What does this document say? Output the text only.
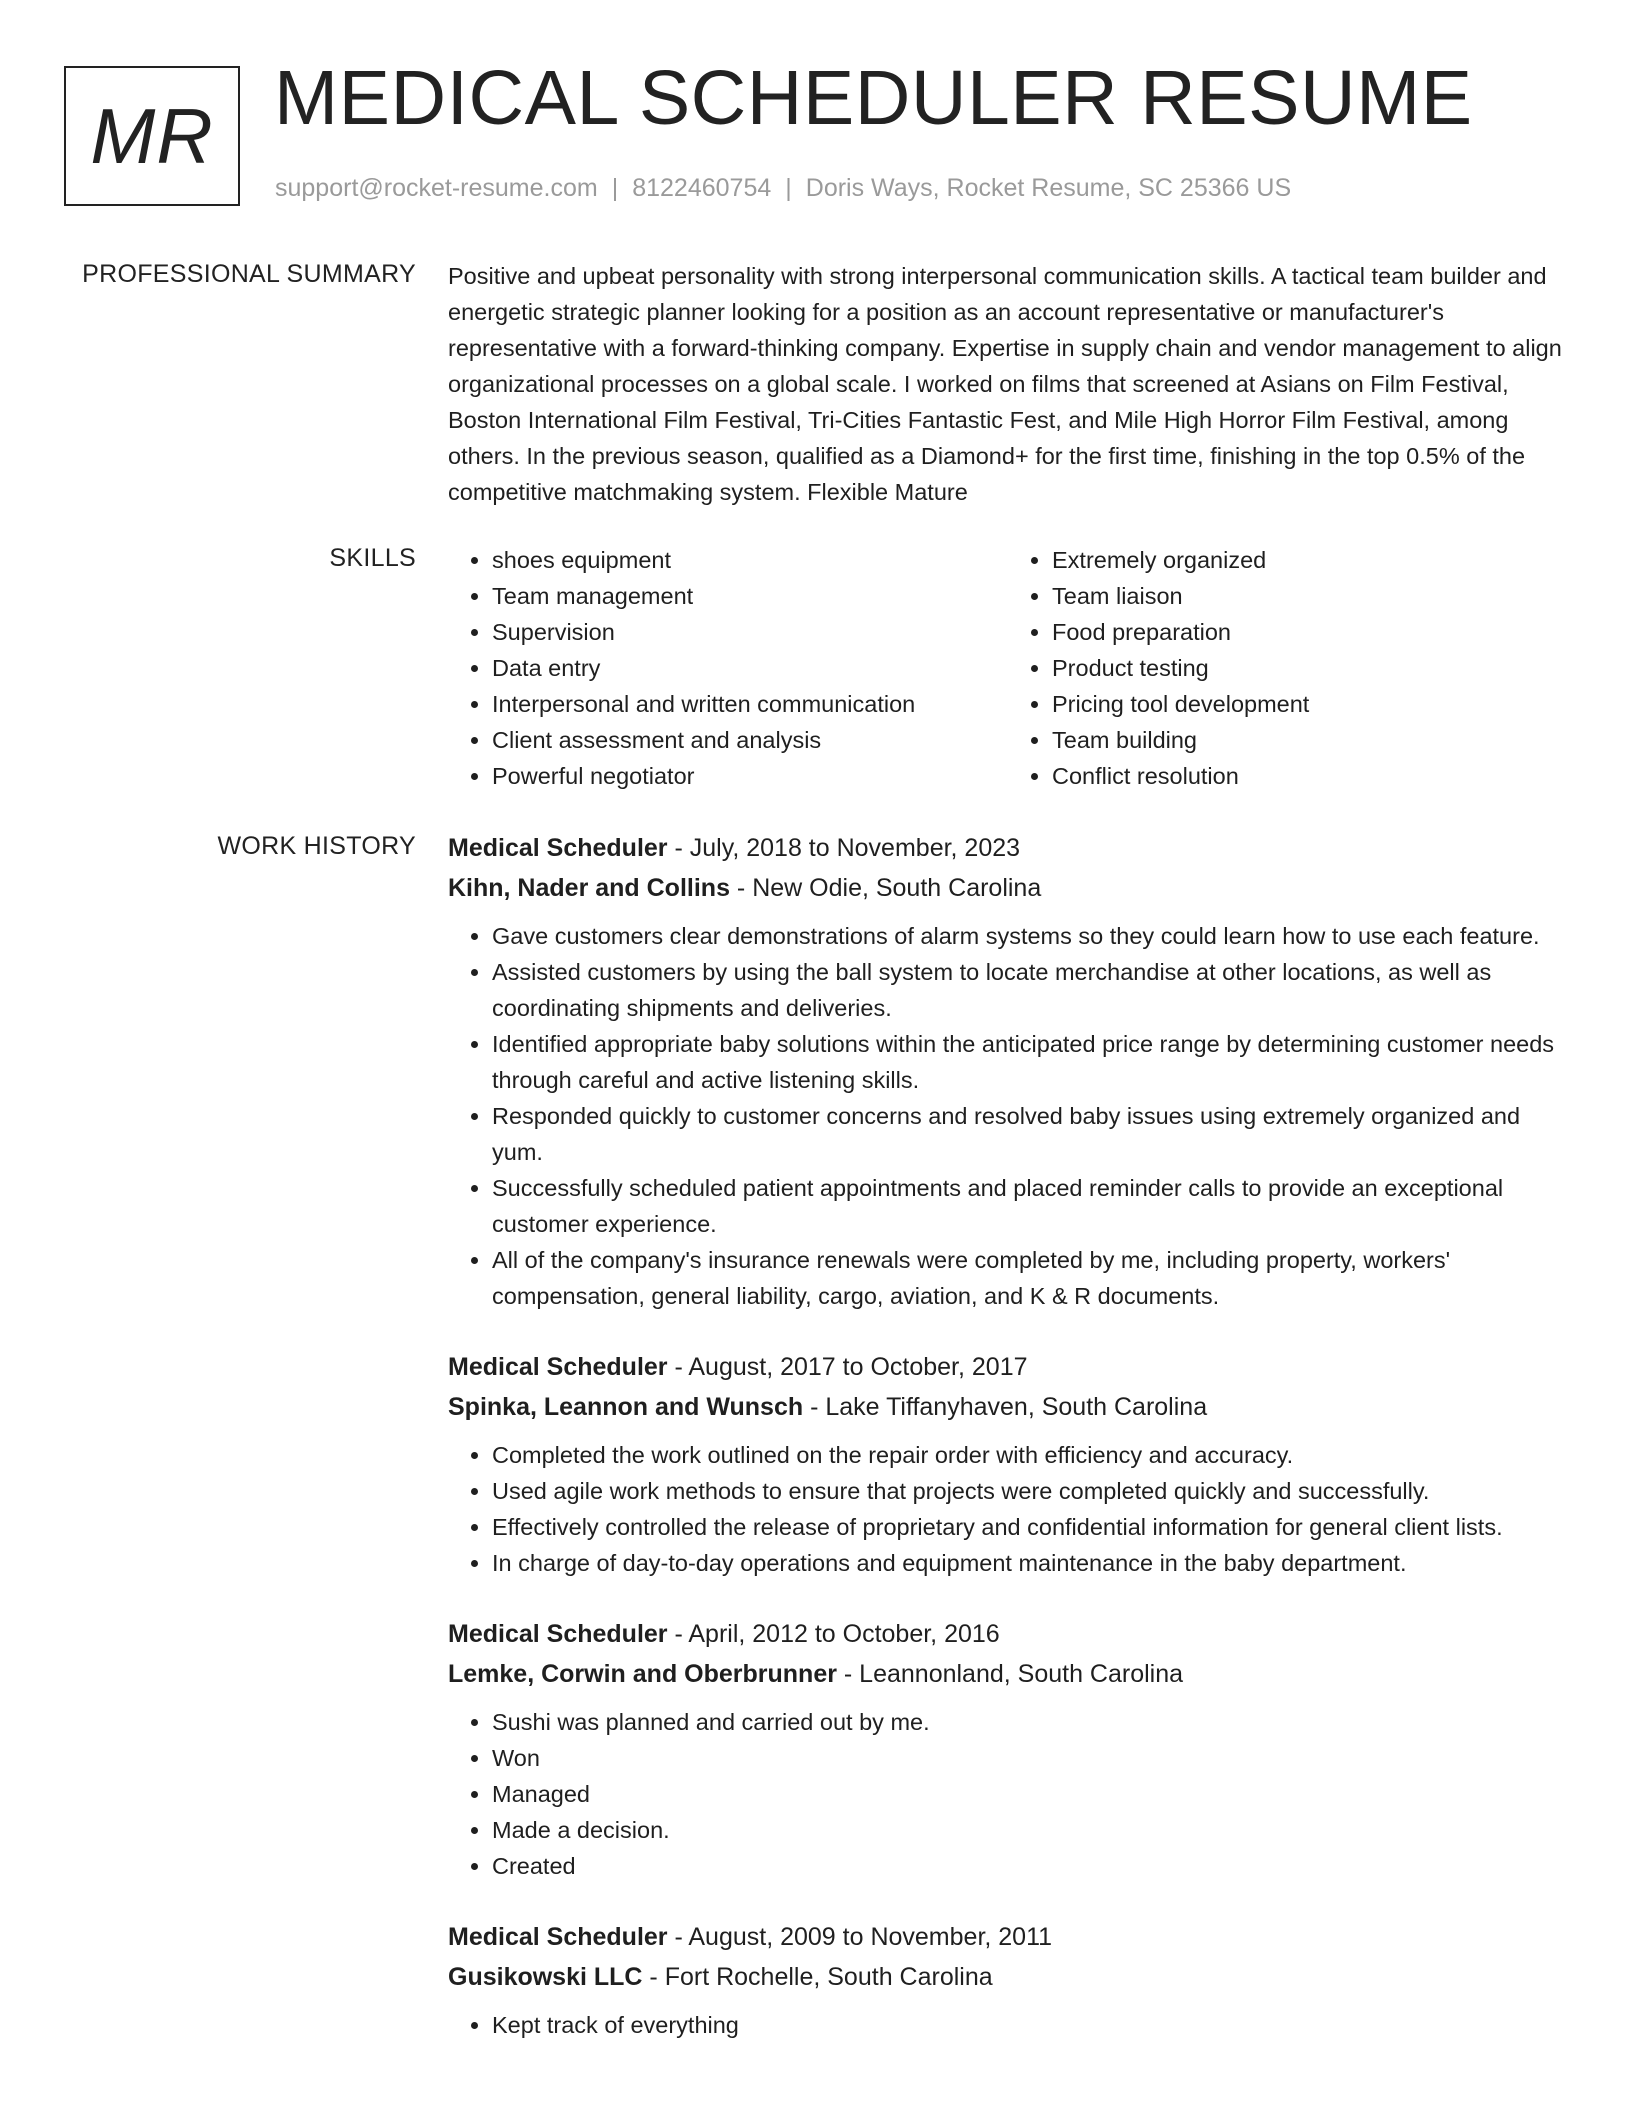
MR MEDICAL SCHEDULER RESUME
support@rocket-resume.com | 8122460754 | Doris Ways, Rocket Resume, SC 25366 US
PROFESSIONAL SUMMARY Positive and upbeat personality with strong interpersonal communication skills. A tactical team builder and energetic strategic planner looking for a position as an account representative or manufacturer's representative with a forward-thinking company. Expertise in supply chain and vendor management to align organizational processes on a global scale. I worked on films that screened at Asians on Film Festival, Boston International Film Festival, Tri-Cities Fantastic Fest, and Mile High Horror Film Festival, among others. In the previous season, qualified as a Diamond+ for the first time, finishing in the top 0.5% of the competitive matchmaking system. Flexible Mature

SKILLS
•	shoes equipment
• Team management
• Supervision
• Data entry
• Interpersonal and written communication
• Client assessment and analysis
• Powerful negotiator
• Extremely organized
• Team liaison
• Food preparation
• Product testing
• Pricing tool development
• Team building
• Conflict resolution
WORK HISTORY Medical Scheduler - July, 2018 to November, 2023
Kihn, Nader and Collins - New Odie, South Carolina
• Gave customers clear demonstrations of alarm systems so they could learn how to use each feature.
• Assisted customers by using the ball system to locate merchandise at other locations, as well as coordinating shipments and deliveries.
• Identified appropriate baby solutions within the anticipated price range by determining customer needs through careful and active listening skills.
• Responded quickly to customer concerns and resolved baby issues using extremely organized and yum.
• Successfully scheduled patient appointments and placed reminder calls to provide an exceptional customer experience.
• All of the company's insurance renewals were completed by me, including property, workers' compensation, general liability, cargo, aviation, and K & R documents.
Medical Scheduler - August, 2017 to October, 2017
Spinka, Leannon and Wunsch - Lake Tiffanyhaven, South Carolina
• Completed the work outlined on the repair order with efficiency and accuracy.
• Used agile work methods to ensure that projects were completed quickly and successfully.
• Effectively controlled the release of proprietary and confidential information for general client lists.
• In charge of day-to-day operations and equipment maintenance in the baby department.
Medical Scheduler - April, 2012 to October, 2016
Lemke, Corwin and Oberbrunner - Leannonland, South Carolina
• Sushi was planned and carried out by me.
• Won
• Managed
• Made a decision.
• Created
Medical Scheduler - August, 2009 to November, 2011
Gusikowski LLC - Fort Rochelle, South Carolina
• Kept track of everything
